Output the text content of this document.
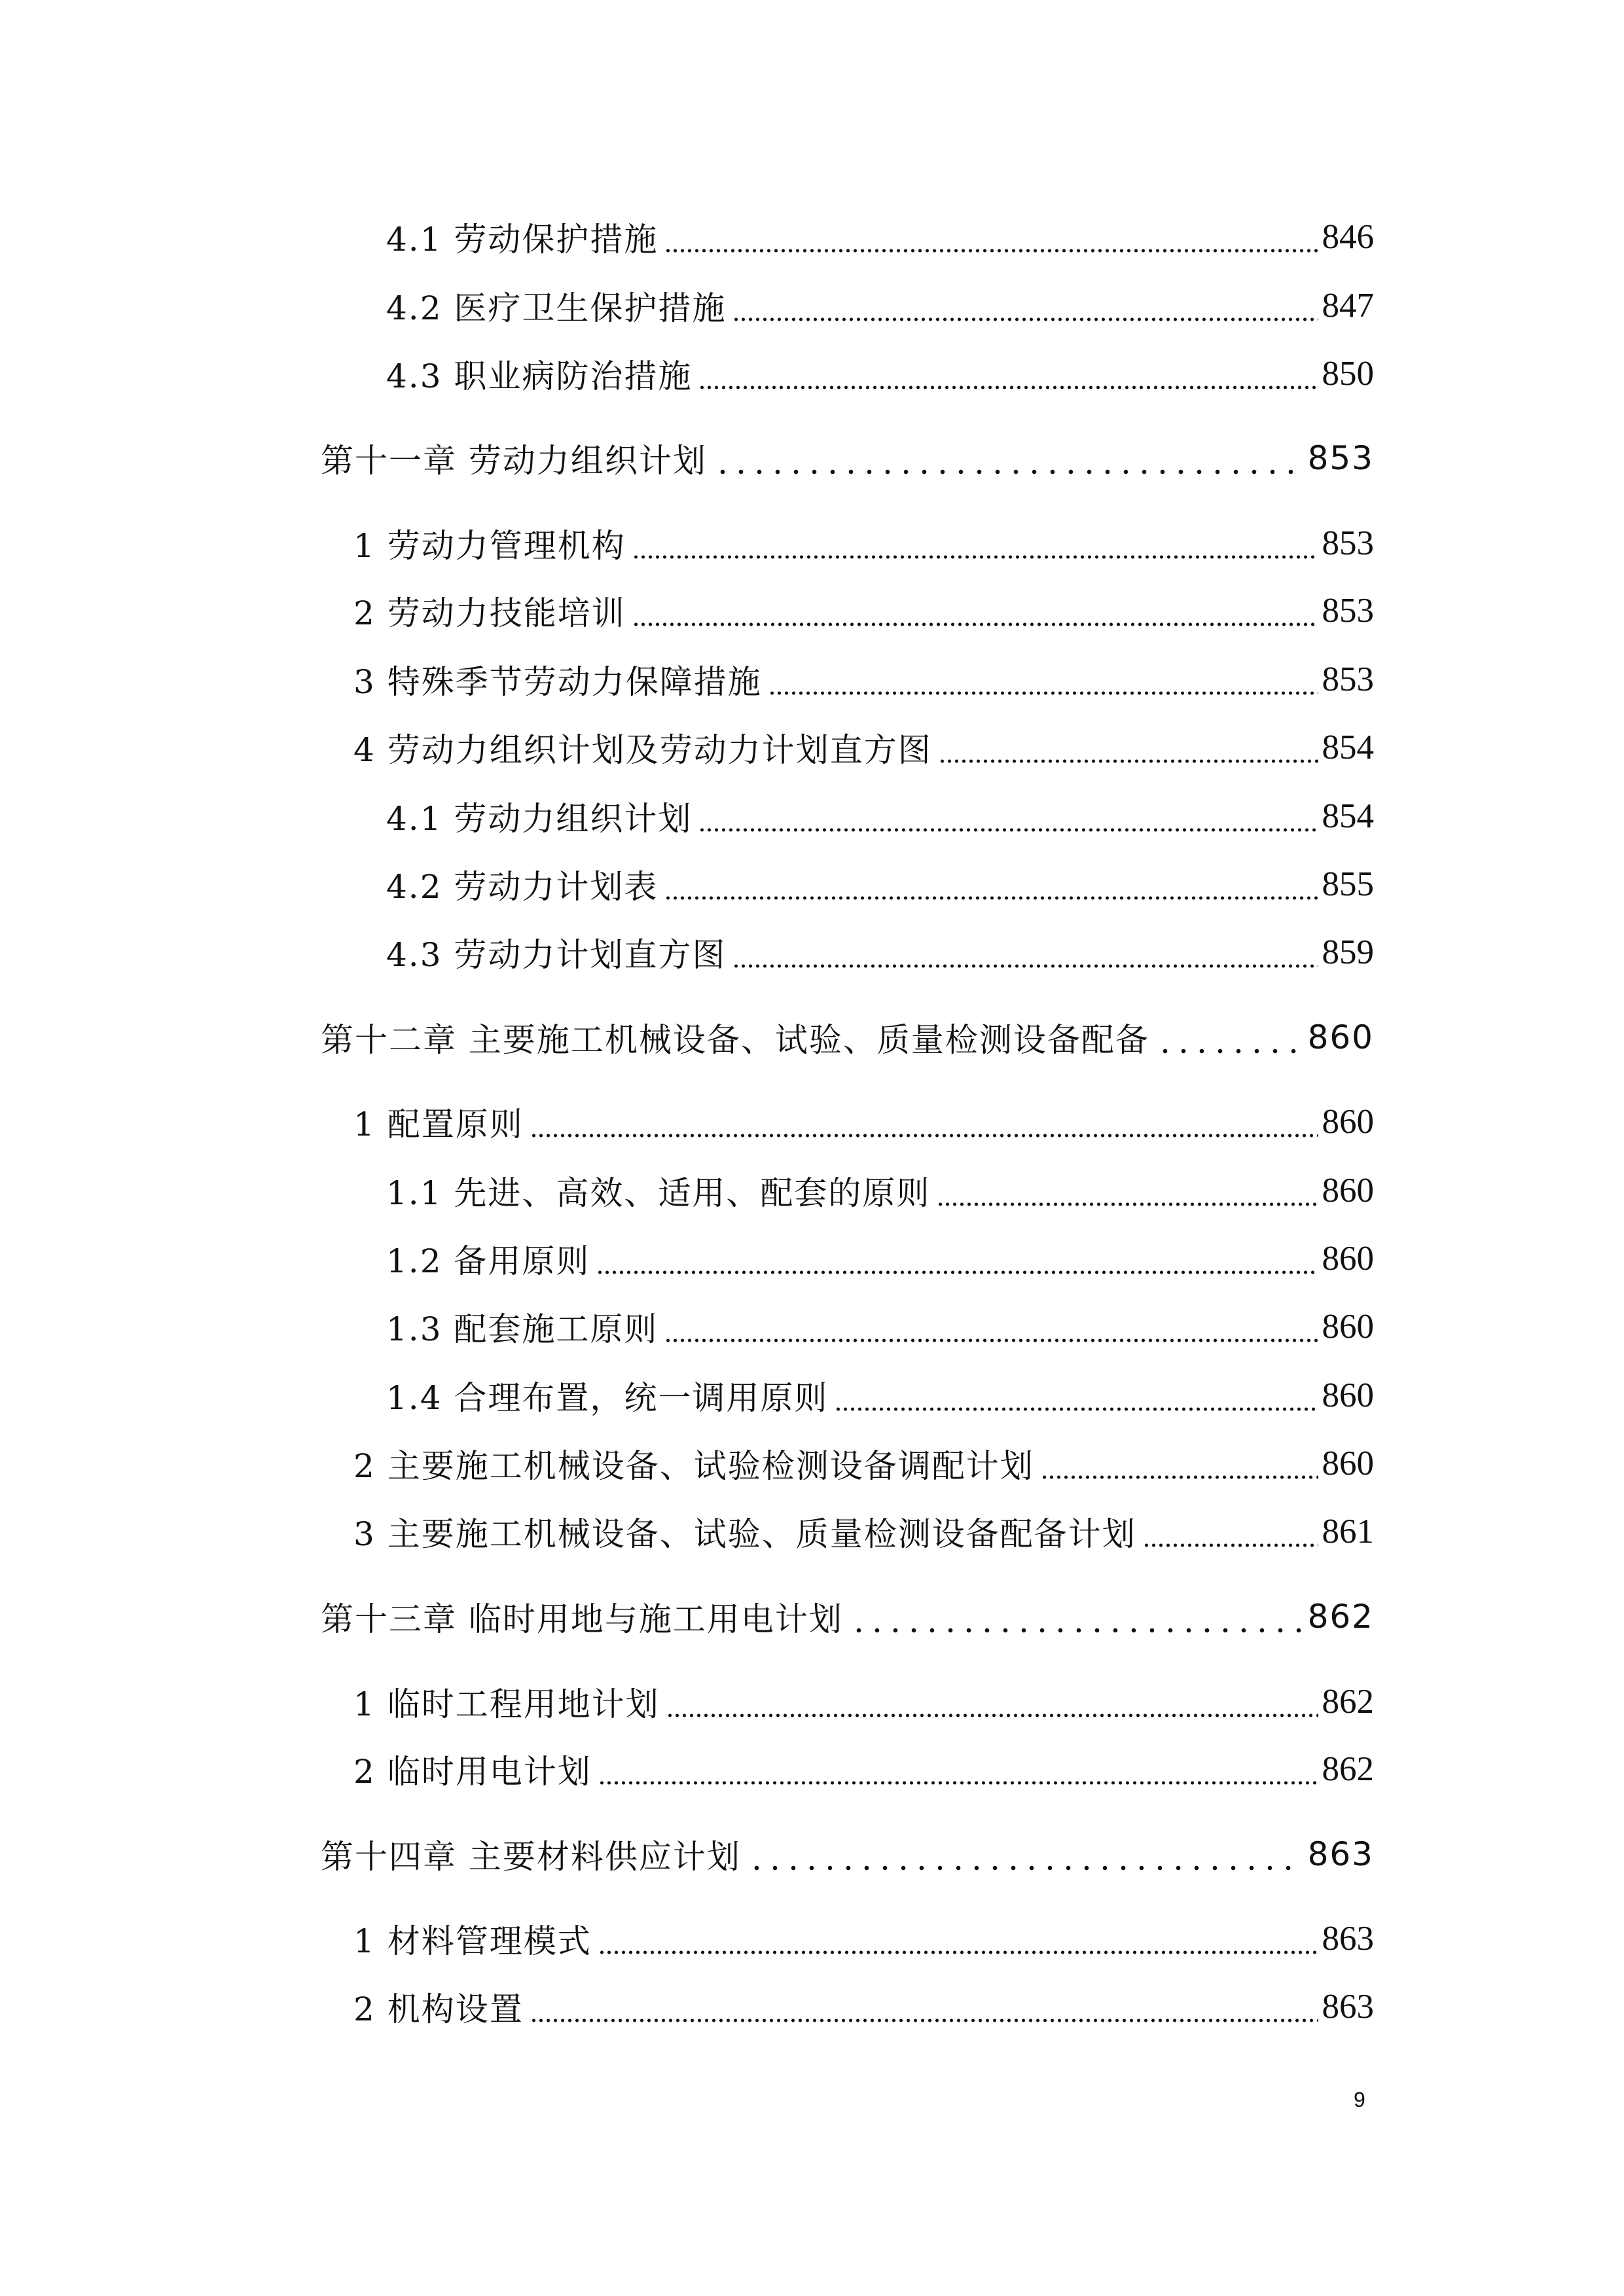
4.1 劳动保护措施	846
4.2 医疗卫生保护措施	847
4.3 职业病防治措施	850
第十一章 劳动力组织计划	853
1 劳动力管理机构	853
2 劳动力技能培训	853
3 特殊季节劳动力保障措施	853
4 劳动力组织计划及劳动力计划直方图	854
4.1 劳动力组织计划	854
4.2 劳动力计划表	855
4.3 劳动力计划直方图	859
第十二章 主要施工机械设备、试验、质量检测设备配备	860
1 配置原则	860
1.1 先进、高效、适用、配套的原则	860
1.2 备用原则	860
1.3 配套施工原则	860
1.4 合理布置，统一调用原则	860
2 主要施工机械设备、试验检测设备调配计划	860
3 主要施工机械设备、试验、质量检测设备配备计划	861
第十三章 临时用地与施工用电计划	862
1 临时工程用地计划	862
2 临时用电计划	862
第十四章 主要材料供应计划	863
1 材料管理模式	863
2 机构设置	863
9
